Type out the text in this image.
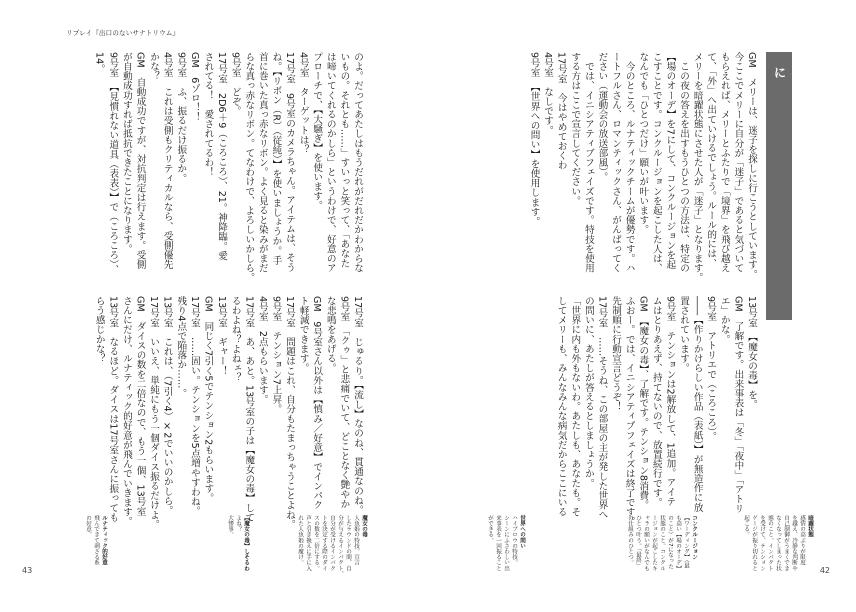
リプレイ『出口のないサナトリウム』
のよ。だってあたしはもうだれがだれだかわからな
いもの。それとも……」すいっと笑って、「あなた
は啼いてくれるのかしら」というわけで、好意のア
プローチで、【大騒ぎ】を使います。
4号室　ターゲットは？
17号室　9号室のカメラちゃん。アイテムは、そう
ね。【リボン（R）（従純）】を使いましょうか。手
首に巻いた真っ赤なリボン。よく見ると染みがまだ
らな真っ赤なリボン。てなわけで、よろしいかしら。
9号室　どぞ。
17号室　2D6＋9（ころころ）、21。神降臨。愛
されてる！　愛されてるわ！
GM　6ゾロ！！
9号室　ふ、振るだけ振るか。
4号室　これは受側もクリティカルなら、受側優先
かな？
GM　自動成功ですが、対抗判定は行えます。受側
が自動成功すれば抵抗できたことになります。
9号室　【見慣れない道具（表表）】で（ころころ）、
14。
17号室　じゅるり。【流し】なのね、貫通なのね。
9号室　「クゥ」と悲痛でいて、どことなく艶やか
な悲鳴をあげる。
GM　9号室さん以外は【慎み／好意】でインパク
ト軽減できます。
17号室　問題はこれ、自分もたまっちゃうことよね。
9号室　テンション7上昇。
4号室　2点もらいます。
17号室　あ、あと。13号室の子は【魔女の毒】して
るわよね？よねェ？
13号室　ギャー！
GM　同じく7引く5でテンション2もらいます。
17号室　……固い。テンションを5点増やすわね。
残り4点で陥落か……。
13号室　これは、（7引く4）×2でいいのかしら。
17号室　いいえ、単純にもう一個ダイス振るだけよ。
GM　ダイスの数を二倍なので、もう一個、13号室
さんにだけ、ルナティック的好意が飛んでいきます。
13号室　なるほど。ダイスは17号室さんに振っても
らう感じかな？
魔女の毒
人魚姫の特技。宣言
したラウンドの間、自
分が与えるインパクト、
自分が受けるインパク
トを決定する際のダイ
スの数を二倍にする。
声と引き換えに手に入
れた人魚姫の魔け。
【魔女の毒】しそるわ
よね？
大惨事。
ルナティック的好意
飛んできて刺さる系
の好意。
43
再現部――みんないなくなればいいのに
GM　メリーは、迷子を探しに行こうとしています。
今ここでメリーに自分が「迷子」であると気づいて
もらえれば、メリーとふたりで「境界」を飛び越え
て、「外」へ出ていけるでしょう。ルール的には、
メリーを暗躍状態にさせた人が「迷子」となります。
　この夜の答えを出すもうひとつの方法は、特定の
【場のオーデ】を7にして、コンクルージョンを起
こすことです。コンクルージョンを起こした人は、
なんでも「ひとつだけ」願いが叶います。
　今のところ、ルナティックチームが優勢です。ハ
ートフルさん、ロマンティックさん、がんばってく
ださい（運動会の放送部風）。
　では、イニシアティブフェイズです。特技を使用
する方はここで宣言してください。
17号室　今はやめておくわ
4号室　なしです。
9号室　【世界への問い】を使用します。
13号室　【魔女の毒】を。
GM　了解です。出来事表は「冬」「夜中」「アトリ
エ」かな。
9号室　アトリエで（ころころ）。
――【作りかけらしい作品（表紙）】が無造作に放
置されています。
9号室　テンションは2解放して、1追加。アイテ
ムはとりあえず、持てないので、放置続行です。
GM　【魔女の毒】、了解です。テンション8消費。
ふおー。では、イニシアティブフェイズは終了です。
先制順に行動宣言どうぞ！
17号室　……そうね、この部屋の主が発した世界へ
の問いに、あたしが答えるとしましょうか。
「世界に内も外もないわ。あたしも、あなたも。そ
してメリーも、みんなみんな病気だからここにいる
暗躍状態
感情の高ぶりが限度
を越え、冷静な判断や
自己制御がうまくでき
なくなってしまった状
態のこと。インパクト
を受けて、テンション
ゲージが振り切れると
起こる。
コンクルージョン
【ワーディング】（最
も高い【場のオーデ】
のこと）が7になった
状態のこと。コンクル
ージョンが起こしたキ
ャラの願いがなんでも
ひとつ叶う。「最終」
の仕組みのひとつ。
世界への問い
ハイプロウの特技。
シーンにふさわしい出
来事表を一回振ること
ができる。
42
